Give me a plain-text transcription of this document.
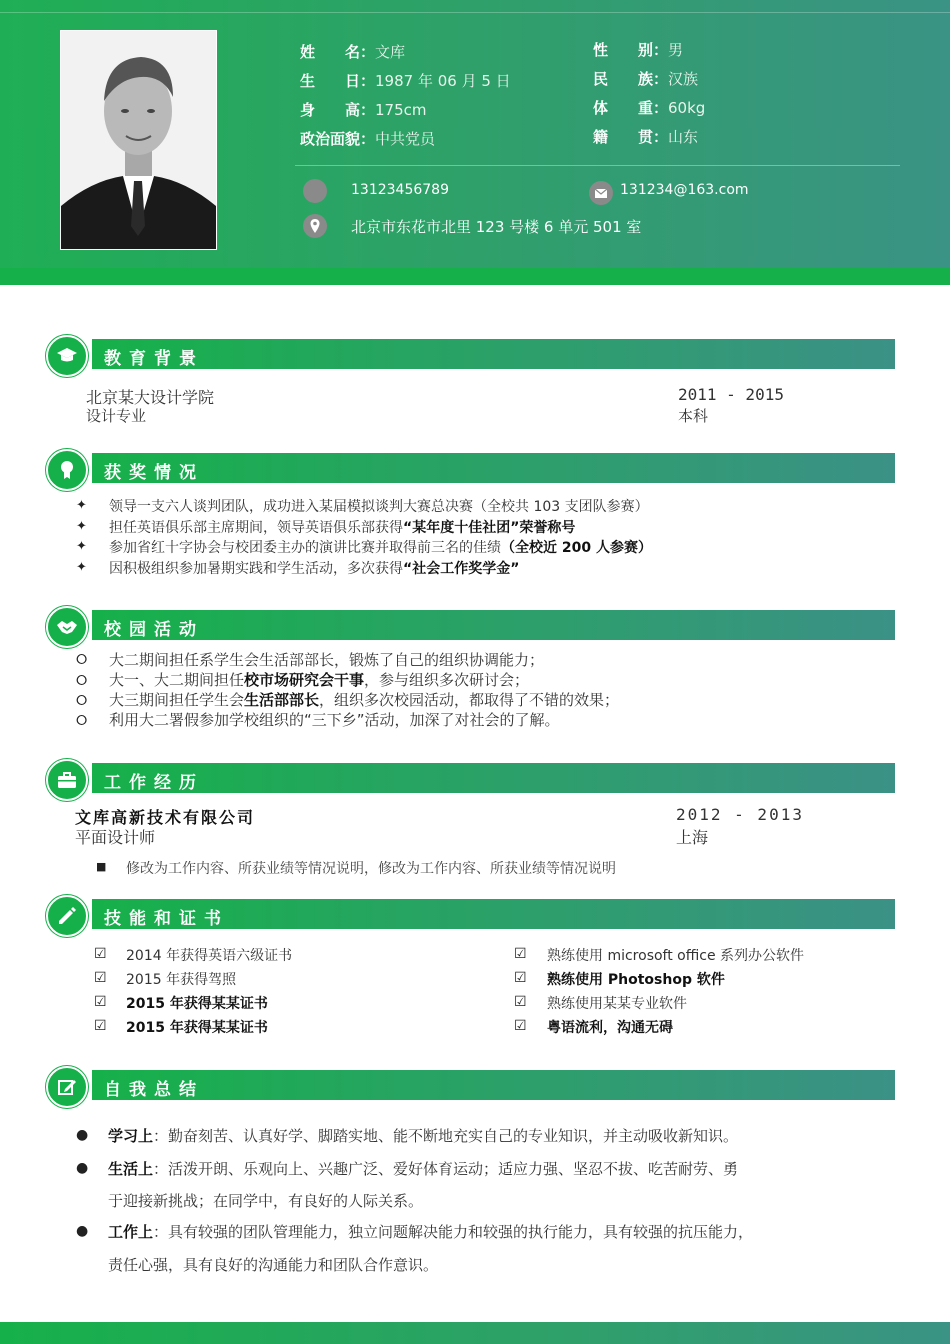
姓　　名：文库
生　　日：1987 年 06 月 5 日
身　　高：175cm
政治面貌：中共党员
性　　别：男
民　　族：汉族
体　　重：60kg
籍　　贯：山东
13123456789	131234@163.com
北京市东花市北里 123 号楼 6 单元 501 室
教育背景
北京某大设计学院
设计专业
2011 - 2015
本科
获奖情况
✦ 领导一支六人谈判团队，成功进入某届模拟谈判大赛总决赛（全校共 103 支团队参赛）
✦ 担任英语俱乐部主席期间，领导英语俱乐部获得“某年度十佳社团”荣誉称号
✦ 参加省红十字协会与校团委主办的演讲比赛并取得前三名的佳绩（全校近 200 人参赛）
✦ 因积极组织参加暑期实践和学生活动，多次获得“社会工作奖学金”
校园活动
⭘ 大二期间担任系学生会生活部部长，锻炼了自己的组织协调能力；
⭘ 大一、大二期间担任校市场研究会干事，参与组织多次研讨会；
⭘ 大三期间担任学生会生活部部长，组织多次校园活动，都取得了不错的效果；
⭘ 利用大二署假参加学校组织的“三下乡”活动，加深了对社会的了解。
工作经历
文库高新技术有限公司
平面设计师
2012 - 2013
上海
■ 修改为工作内容、所获业绩等情况说明，修改为工作内容、所获业绩等情况说明
技能和证书
☑ 2014 年获得英语六级证书
☑ 2015 年获得驾照
☑ 2015 年获得某某证书
☑ 2015 年获得某某证书
☑ 熟练使用 microsoft office 系列办公软件
☑ 熟练使用 Photoshop 软件
☑ 熟练使用某某专业软件
☑ 粤语流利，沟通无碍
自我总结
● 学习上：勤奋刻苦、认真好学、脚踏实地、能不断地充实自己的专业知识，并主动吸收新知识。
● 生活上：活泼开朗、乐观向上、兴趣广泛、爱好体育运动；适应力强、坚忍不拔、吃苦耐劳、勇
于迎接新挑战；在同学中，有良好的人际关系。
● 工作上：具有较强的团队管理能力，独立问题解决能力和较强的执行能力，具有较强的抗压能力，
责任心强，具有良好的沟通能力和团队合作意识。
